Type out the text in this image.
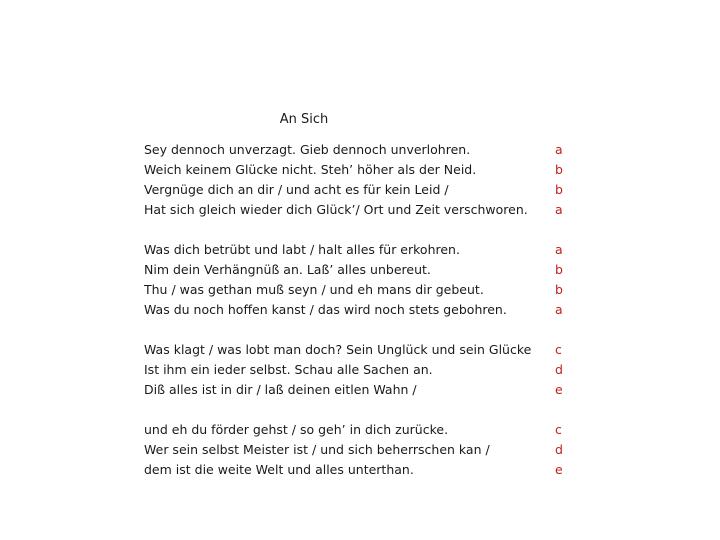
An Sich
Sey dennoch unverzagt. Gieb dennoch unverlohren.	a
Weich keinem Glücke nicht. Steh’ höher als der Neid.	b
Vergnüge dich an dir / und acht es für kein Leid /	b
Hat sich gleich wieder dich Glück’/ Ort und Zeit verschworen. a
Was dich betrübt und labt / halt alles für erkohren.	a
Nim dein Verhängnüß an. Laß’ alles unbereut.	b
Thu / was gethan muß seyn / und eh mans dir gebeut.	b
Was du noch hoffen kanst / das wird noch stets gebohren.	a
Was klagt / was lobt man doch? Sein Unglück und sein Glücke c
Ist ihm ein ieder selbst. Schau alle Sachen an.	d
Diß alles ist in dir / laß deinen eitlen Wahn /	e
und eh du förder gehst / so geh’ in dich zurücke.	c
Wer sein selbst Meister ist / und sich beherrschen kan /	d
dem ist die weite Welt und alles unterthan.	e
